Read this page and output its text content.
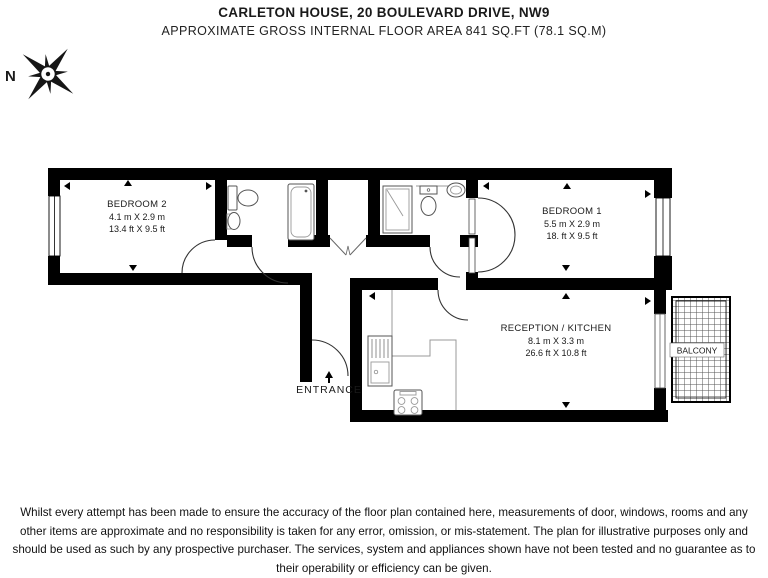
CARLETON HOUSE, 20 BOULEVARD DRIVE, NW9
APPROXIMATE GROSS INTERNAL FLOOR AREA 841 SQ.FT (78.1 SQ.M)
N
BALCONY
BEDROOM 2
4.1 m X 2.9 m
13.4 ft X 9.5 ft
BEDROOM 1
5.5 m X 2.9 m
18. ft X 9.5 ft
RECEPTION / KITCHEN
8.1 m X 3.3 m
26.6 ft X 10.8 ft
ENTRANCE
Whilst every attempt has been made to ensure the accuracy of the floor plan contained here, measurements of door, windows, rooms and any other items are approximate and no responsibility is taken for any error, omission, or mis-statement. The plan for illustrative purposes only and should be used as such by any prospective purchaser. The services, system and appliances shown have not been tested and no guarantee as to their operability or efficiency can be given.
